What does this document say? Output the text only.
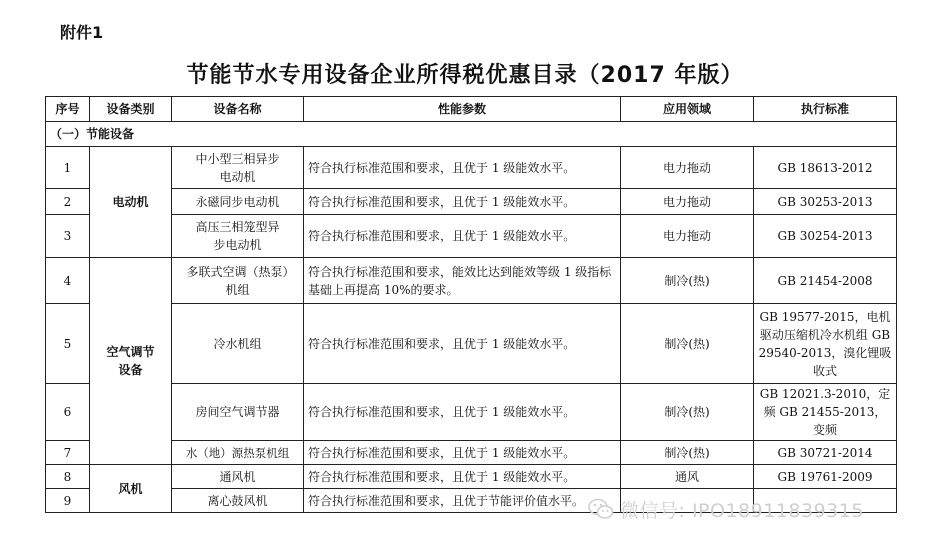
附件1
节能节水专用设备企业所得税优惠目录（2017 年版）
序号	设备类别	设备名称	性能参数	应用领域	执行标准
（一）节能设备					
1	电动机	中小型三相异步电动机	符合执行标准范围和要求，且优于 1 级能效水平。	电力拖动	GB 18613-2012
2		永磁同步电动机	符合执行标准范围和要求，且优于 1 级能效水平。	电力拖动	GB 30253-2013
3		高压三相笼型异步电动机	符合执行标准范围和要求，且优于 1 级能效水平。	电力拖动	GB 30254-2013
4	空气调节设备	多联式空调（热泵）机组	符合执行标准范围和要求，能效比达到能效等级 1 级指标基础上再提高 10%的要求。	制冷(热)	GB 21454-2008
5		冷水机组	符合执行标准范围和要求，且优于 1 级能效水平。	制冷(热)	GB 19577-2015，电机驱动压缩机冷水机组 GB 29540-2013，溴化锂吸收式
6		房间空气调节器	符合执行标准范围和要求，且优于 1 级能效水平。	制冷(热)	GB 12021.3-2010，定频 GB 21455-2013，变频
7		水（地）源热泵机组	符合执行标准范围和要求，且优于 1 级能效水平。	制冷(热)	GB 30721-2014
8	风机	通风机	符合执行标准范围和要求，且优于 1 级能效水平。	通风	GB 19761-2009
9		离心鼓风机	符合执行标准范围和要求，且优于节能评价值水平。		微信号: IPO18911839315
